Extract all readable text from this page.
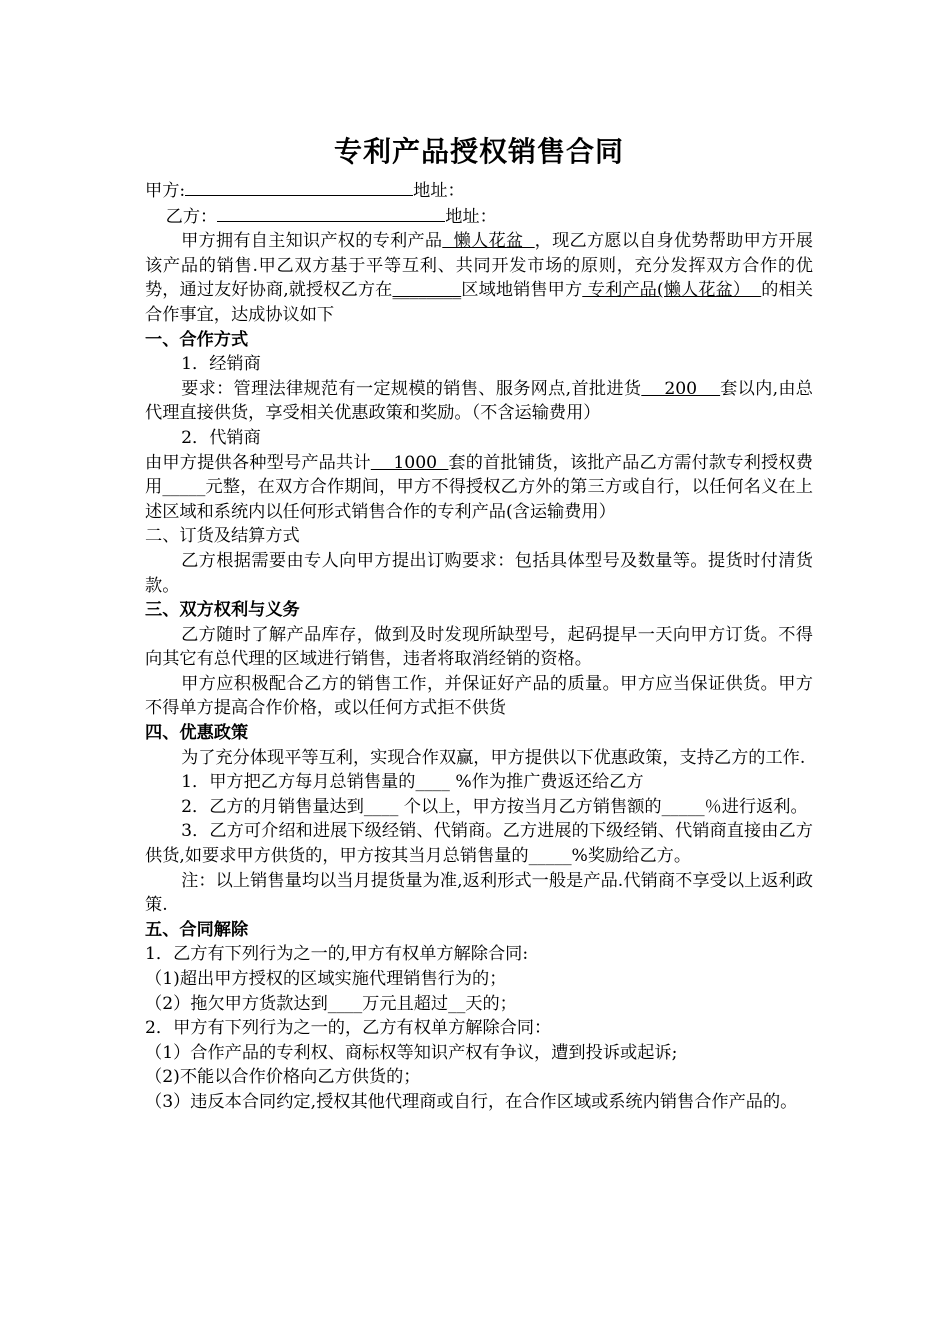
专利产品授权销售合同

甲方:	地址：

乙方：	地址：

甲方拥有自主知识产权的专利产品  懒人花盆  ，现乙方愿以自身优势帮助甲方开展该产品的销售.甲乙双方基于平等互利、共同开发市场的原则，充分发挥双方合作的优势，通过友好协商,就授权乙方在________区域地销售甲方 专利产品(懒人花盆）  的相关合作事宜，达成协议如下

一、合作方式

1．经销商

要求：管理法律规范有一定规模的销售、服务网点,首批进货    200    套以内,由总代理直接供货，享受相关优惠政策和奖励。（不含运输费用）

2．代销商

由甲方提供各种型号产品共计    1000  套的首批铺货，该批产品乙方需付款专利授权费用_____元整，在双方合作期间，甲方不得授权乙方外的第三方或自行，以任何名义在上述区域和系统内以任何形式销售合作的专利产品(含运输费用）

二、订货及结算方式

乙方根据需要由专人向甲方提出订购要求：包括具体型号及数量等。提货时付清货款。

三、双方权利与义务

乙方随时了解产品库存，做到及时发现所缺型号，起码提早一天向甲方订货。不得向其它有总代理的区域进行销售，违者将取消经销的资格。

甲方应积极配合乙方的销售工作，并保证好产品的质量。甲方应当保证供货。甲方不得单方提高合作价格，或以任何方式拒不供货

四、优惠政策

为了充分体现平等互利，实现合作双赢，甲方提供以下优惠政策，支持乙方的工作.

1．甲方把乙方每月总销售量的____ %作为推广费返还给乙方

2．乙方的月销售量达到____ 个以上，甲方按当月乙方销售额的_____％进行返利。

3．乙方可介绍和进展下级经销、代销商。乙方进展的下级经销、代销商直接由乙方供货,如要求甲方供货的，甲方按其当月总销售量的_____%奖励给乙方。

注：以上销售量均以当月提货量为准,返利形式一般是产品.代销商不享受以上返利政策.

五、合同解除

1．乙方有下列行为之一的,甲方有权单方解除合同:

（1)超出甲方授权的区域实施代理销售行为的；

（2）拖欠甲方货款达到____万元且超过__天的；

2．甲方有下列行为之一的，乙方有权单方解除合同：

（1）合作产品的专利权、商标权等知识产权有争议，遭到投诉或起诉;

（2)不能以合作价格向乙方供货的；

（3）违反本合同约定,授权其他代理商或自行，在合作区域或系统内销售合作产品的。
